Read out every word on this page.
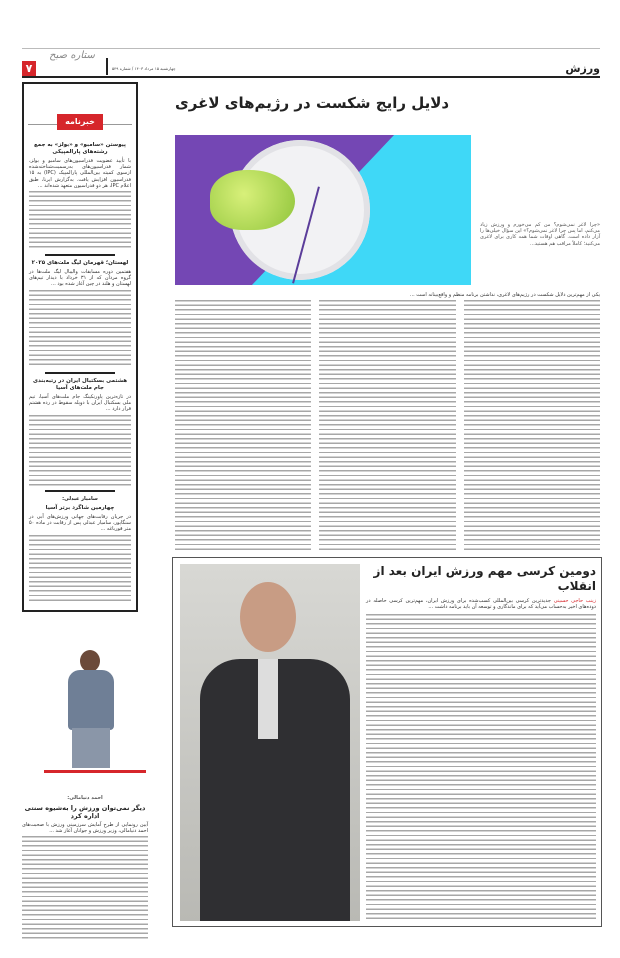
ورزش
چهارشنبه ۱۵ مرداد ۱۴۰۳ / شماره ۵۴۹
ستاره صبح
۷
خبرنامه
پیوستن «سامبو» و «بولز» به جمع رشته‌های پارالمپیکی
با تأیید عضویت فدراسیون‌های سامبو و بولز، شمار فدراسیون‌های به‌رسمیت‌شناخته‌شده ازسوی کمیته بین‌المللی پارالمپیک (IPC) به ۱۵ فدراسیون افزایش یافت. به‌گزارش ایرنا، طبق اعلام IPC، هر دو فدراسیون متعهد شده‌اند ...
لهستان؛ قهرمان لیگ ملت‌های ۲۰۲۵
هفتمین دوره مسابقات والیبال لیگ ملت‌ها در گروه مردان که از ۳۱ خرداد با دیدار تیم‌های لهستان و هلند در چین آغاز شده بود ...
هشتمی بسکتبال ایران در رتبه‌بندی جام ملت‌های آسیا
در تازه‌ترین پاورنکینگ جام ملت‌های آسیا، تیم ملی بسکتبال ایران با دوپله سقوط در رده هشتم قرار دارد ...
سامیار عبدلی:
چهارمین شاگرد برتر آسیا
در جریان رقابت‌های جهانی ورزش‌های آبی در سنگاپور، سامیار عبدلی پس از رقابت در ماده ۵۰ متر قورباغه ...
احمد دنیامالی:
دیگر نمی‌توان ورزش را به‌شیوه سنتی اداره کرد
آیین رونمایی از طرح آمایش سرزمینی ورزش با صحبت‌های احمد دنیامالی، وزیر ورزش و جوانان آغاز شد ...
دلایل رایج شکست در رژیم‌های لاغری
«چرا لاغر نمی‌شوم؟ من کم می‌خورم و ورزش زیاد می‌کنم، اما پس چرا لاغر نمی‌شوم؟» این سؤال خیلی‌ها را آزار داده است. گاهی اوقات شما همه کاری برای لاغری می‌کنید؛ کاملاً مراقب هم هستید...
یکی از مهم‌ترین دلایل شکست در رژیم‌های لاغری، نداشتن برنامه منظم و واقع‌بینانه است ...
دومین کرسی مهم ورزش ایران بعد از انقلاب
زینب حاجی حسینی جدیدترین کرسی بین‌المللی کسب‌شده برای ورزش ایران، مهم‌ترین کرسی حاصله در دوده‌های اخیر به‌حساب می‌آید که برای ماندگاری و توسعه آن باید برنامه داشت ...
